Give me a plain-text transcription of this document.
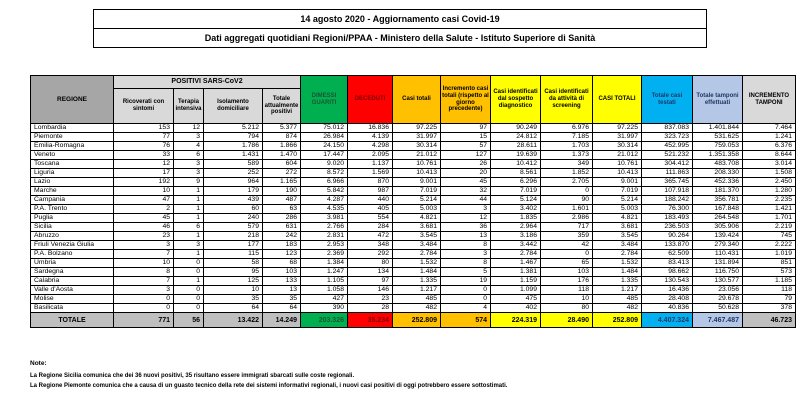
14 agosto 2020 - Aggiornamento casi Covid-19
Dati aggregati quotidiani Regioni/PPAA - Ministero della Salute - Istituto Superiore di Sanità
REGIONE	POSITIVI SARS-CoV2				DIMESSI GUARITI	DECEDUTI	Casi totali	Incremento casi totali (rispetto al giorno precedente)	Casi identificati dal sospetto diagnostico	Casi identificati da attività di screening	CASI TOTALI	Totale casi testati	Totale tamponi effettuati	INCREMENTO TAMPONI
	Ricoverati con sintomi	Terapia intensiva	Isolamento domiciliare	Totale attualmente positivi										
Lombardia	153	12	5.212	5.377	75.012	16.836	97.225	97	90.249	6.976	97.225	837.083	1.401.844	7.464
Piemonte	77	3	794	874	26.984	4.139	31.997	15	24.812	7.185	31.997	323.723	531.625	1.241
Emilia-Romagna	76	4	1.786	1.866	24.150	4.298	30.314	57	28.611	1.703	30.314	452.995	759.053	6.376
Veneto	33	6	1.431	1.470	17.447	2.095	21.012	127	19.639	1.373	21.012	521.232	1.351.358	8.644
Toscana	12	3	589	604	9.020	1.137	10.761	26	10.412	349	10.761	304.412	483.708	3.014
Liguria	17	3	252	272	8.572	1.569	10.413	20	8.561	1.852	10.413	111.863	208.330	1.508
Lazio	192	9	964	1.165	6.966	870	9.001	45	6.296	2.705	9.001	365.745	452.336	2.450
Marche	10	1	179	190	5.842	987	7.019	32	7.019	0	7.019	107.918	181.370	1.280
Campania	47	1	439	487	4.287	440	5.214	44	5.124	90	5.214	188.242	356.781	2.235
P.A. Trento	2	1	60	63	4.535	405	5.003	3	3.402	1.601	5.003	76.300	167.848	1.421
Puglia	45	1	240	286	3.981	554	4.821	12	1.835	2.986	4.821	183.493	264.548	1.701
Sicilia	46	6	579	631	2.766	284	3.681	36	2.964	717	3.681	236.503	305.906	2.219
Abruzzo	23	1	218	242	2.831	472	3.545	13	3.186	359	3.545	90.264	139.424	745
Friuli Venezia Giulia	3	3	177	183	2.953	348	3.484	8	3.442	42	3.484	133.870	279.340	2.222
P.A. Bolzano	7	1	115	123	2.369	292	2.784	3	2.784	0	2.784	62.509	110.431	1.019
Umbria	10	0	58	68	1.384	80	1.532	8	1.467	65	1.532	83.413	131.894	851
Sardegna	8	0	95	103	1.247	134	1.484	5	1.381	103	1.484	98.662	116.750	573
Calabria	7	1	125	133	1.105	97	1.335	19	1.159	176	1.335	130.543	130.577	1.185
Valle d'Aosta	3	0	10	13	1.058	146	1.217	0	1.099	118	1.217	16.436	23.056	118
Molise	0	0	35	35	427	23	485	0	475	10	485	28.408	29.678	79
Basilicata	0	0	64	64	390	28	482	4	402	80	482	40.836	50.628	378
TOTALE	771	56	13.422	14.249	203.326	35.234	252.809	574	224.319	28.490	252.809	4.407.324	7.467.487	46.723
Note:
La Regione Sicilia comunica che dei 36 nuovi positivi, 35 risultano essere immigrati sbarcati sulle coste regionali.
La Regione Piemonte comunica che a causa di un guasto tecnico della rete dei sistemi informativi regionali, i nuovi casi positivi di oggi potrebbero essere sottostimati.
